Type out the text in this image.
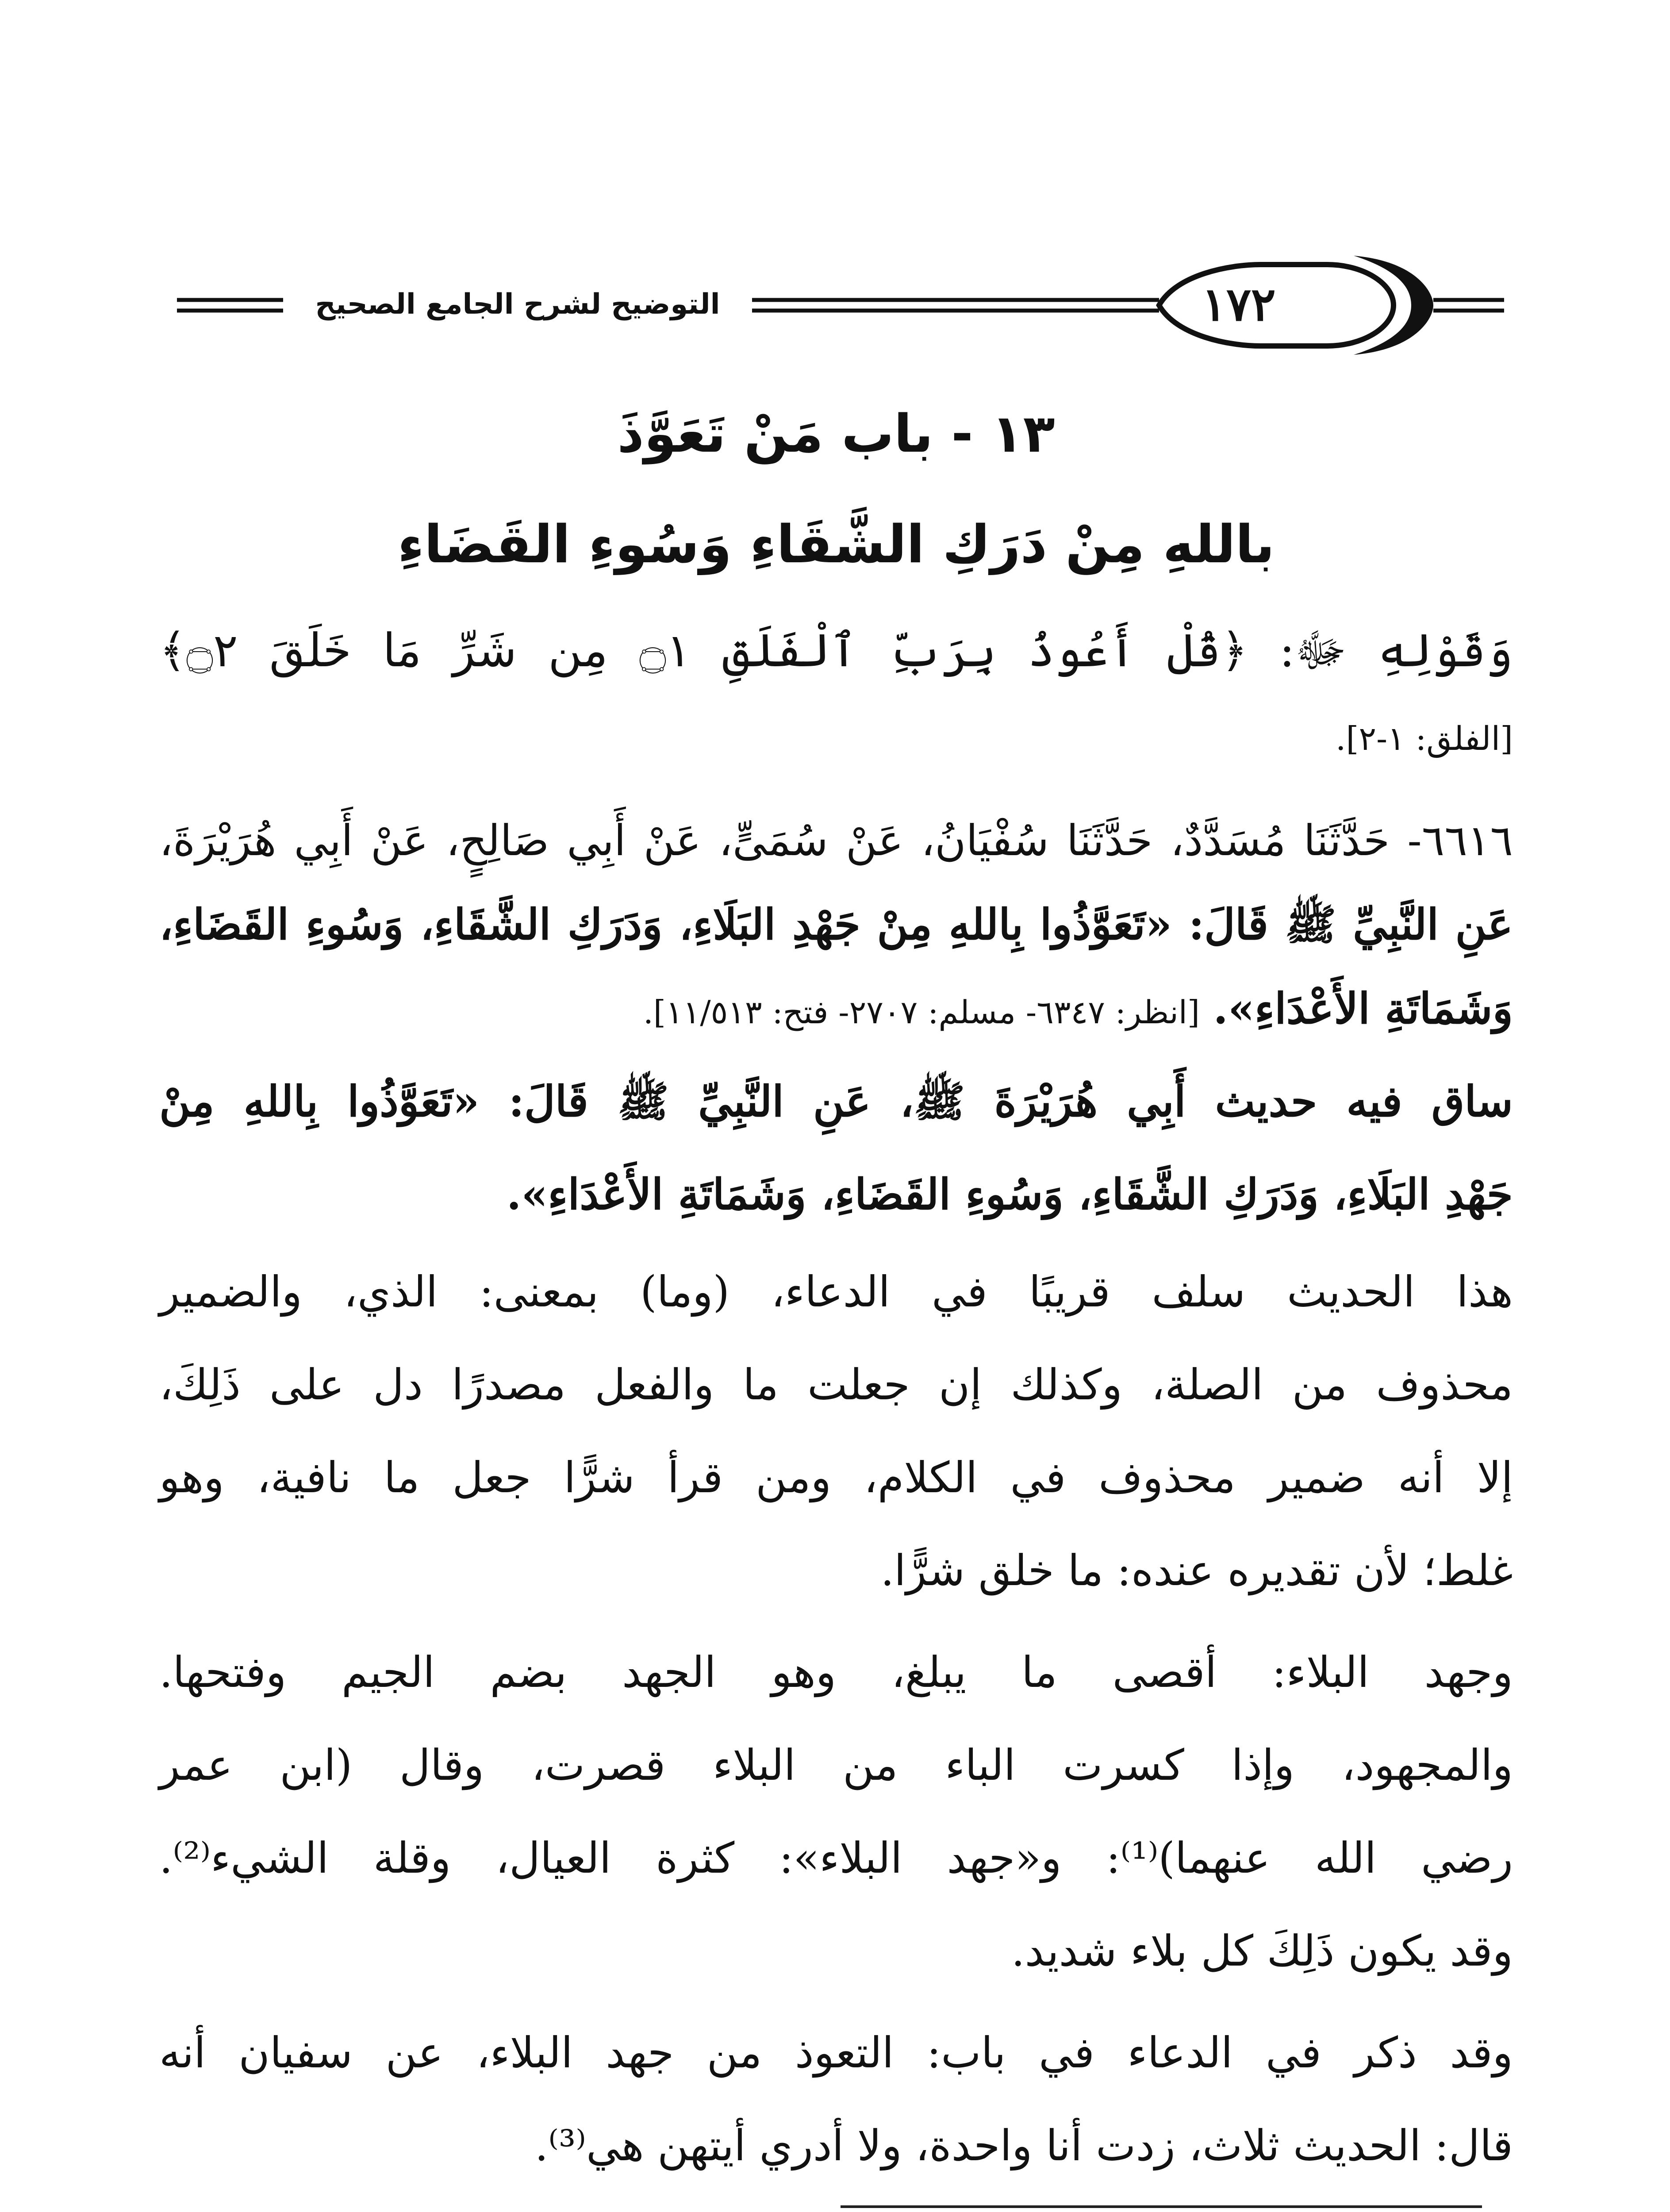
١٧٢
التوضيح لشرح الجامع الصحيح
١٣ - باب مَنْ تَعَوَّذَ
باللهِ مِنْ دَرَكِ الشَّقَاءِ وَسُوءِ القَضَاءِ
وَقَوْلِهِ ﷻ: ﴿قُلْ أَعُوذُ بِرَبِّ ٱلْفَلَقِ ۝١ مِن شَرِّ مَا خَلَقَ ۝٢﴾
[الفلق: ١-٢].
٦٦١٦- حَدَّثَنَا مُسَدَّدٌ، حَدَّثَنَا سُفْيَانُ، عَنْ سُمَىٍّ، عَنْ أَبِي صَالِحٍ، عَنْ أَبِي هُرَيْرَةَ،
عَنِ النَّبِيِّ ﷺ قَالَ: «تَعَوَّذُوا بِاللهِ مِنْ جَهْدِ البَلَاءِ، وَدَرَكِ الشَّقَاءِ، وَسُوءِ القَضَاءِ،
وَشَمَاتَةِ الأَعْدَاءِ». [انظر: ٦٣٤٧- مسلم: ٢٧٠٧- فتح: ١١/٥١٣].
ساق فيه حديث أَبِي هُرَيْرَةَ ﷺ، عَنِ النَّبِيِّ ﷺ قَالَ: «تَعَوَّذُوا بِاللهِ مِنْ
جَهْدِ البَلَاءِ، وَدَرَكِ الشَّقَاءِ، وَسُوءِ القَضَاءِ، وَشَمَاتَةِ الأَعْدَاءِ».
هذا الحديث سلف قريبًا في الدعاء، (وما) بمعنى: الذي، والضمير
محذوف من الصلة، وكذلك إن جعلت ما والفعل مصدرًا دل على ذَلِكَ،
إلا أنه ضمير محذوف في الكلام، ومن قرأ شرًّا جعل ما نافية، وهو
غلط؛ لأن تقديره عنده: ما خلق شرًّا.
وجهد البلاء: أقصى ما يبلغ، وهو الجهد بضم الجيم وفتحها.
والمجهود، وإذا كسرت الباء من البلاء قصرت، وقال (ابن عمر
رضي الله عنهما)⁽¹⁾: و«جهد البلاء»: كثرة العيال، وقلة الشيء⁽²⁾.
وقد يكون ذَلِكَ كل بلاء شديد.
وقد ذكر في الدعاء في باب: التعوذ من جهد البلاء، عن سفيان أنه
قال: الحديث ثلاث، زدت أنا واحدة، ولا أدري أيتهن هي⁽³⁾.
